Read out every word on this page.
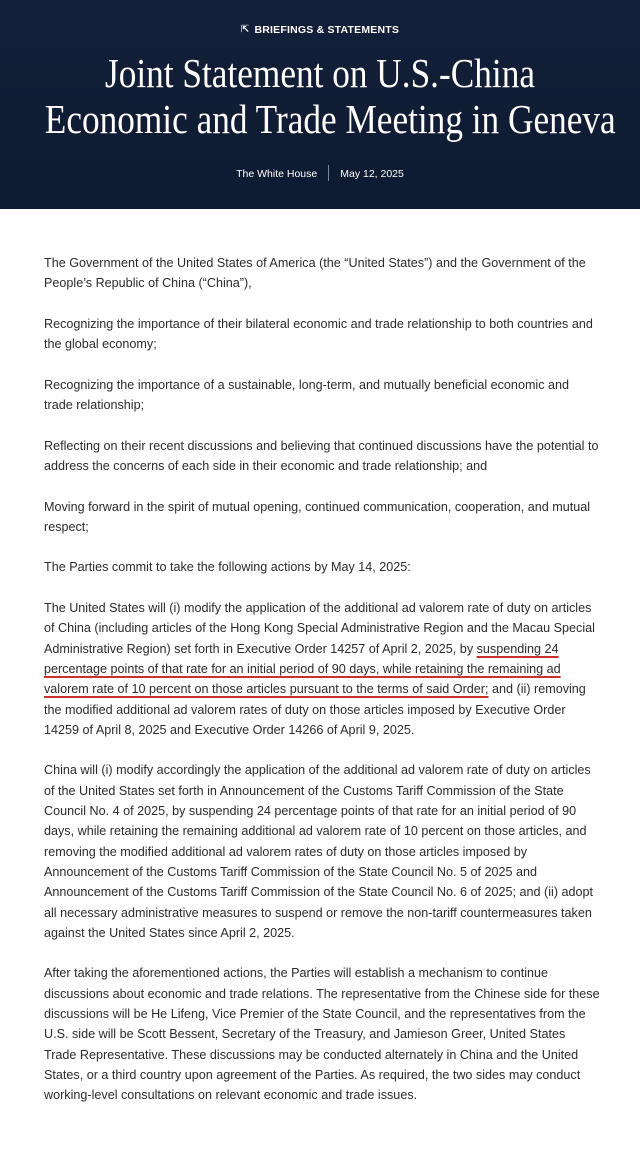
⇱ BRIEFINGS & STATEMENTS
Joint Statement on U.S.-China
Economic and Trade Meeting in Geneva
The White House May 12, 2025

The Government of the United States of America (the “United States”) and the Government of the People’s Republic of China (“China”),

Recognizing the importance of their bilateral economic and trade relationship to both countries and the global economy;

Recognizing the importance of a sustainable, long-term, and mutually beneficial economic and trade relationship;

Reflecting on their recent discussions and believing that continued discussions have the potential to address the concerns of each side in their economic and trade relationship; and

Moving forward in the spirit of mutual opening, continued communication, cooperation, and mutual respect;

The Parties commit to take the following actions by May 14, 2025:

The United States will (i) modify the application of the additional ad valorem rate of duty on articles of China (including articles of the Hong Kong Special Administrative Region and the Macau Special Administrative Region) set forth in Executive Order 14257 of April 2, 2025, by suspending 24 percentage points of that rate for an initial period of 90 days, while retaining the remaining ad valorem rate of 10 percent on those articles pursuant to the terms of said Order; and (ii) removing the modified additional ad valorem rates of duty on those articles imposed by Executive Order 14259 of April 8, 2025 and Executive Order 14266 of April 9, 2025.

China will (i) modify accordingly the application of the additional ad valorem rate of duty on articles of the United States set forth in Announcement of the Customs Tariff Commission of the State Council No. 4 of 2025, by suspending 24 percentage points of that rate for an initial period of 90 days, while retaining the remaining additional ad valorem rate of 10 percent on those articles, and removing the modified additional ad valorem rates of duty on those articles imposed by Announcement of the Customs Tariff Commission of the State Council No. 5 of 2025 and Announcement of the Customs Tariff Commission of the State Council No. 6 of 2025; and (ii) adopt all necessary administrative measures to suspend or remove the non-tariff countermeasures taken against the United States since April 2, 2025.

After taking the aforementioned actions, the Parties will establish a mechanism to continue discussions about economic and trade relations. The representative from the Chinese side for these discussions will be He Lifeng, Vice Premier of the State Council, and the representatives from the U.S. side will be Scott Bessent, Secretary of the Treasury, and Jamieson Greer, United States Trade Representative. These discussions may be conducted alternately in China and the United States, or a third country upon agreement of the Parties. As required, the two sides may conduct working-level consultations on relevant economic and trade issues.
